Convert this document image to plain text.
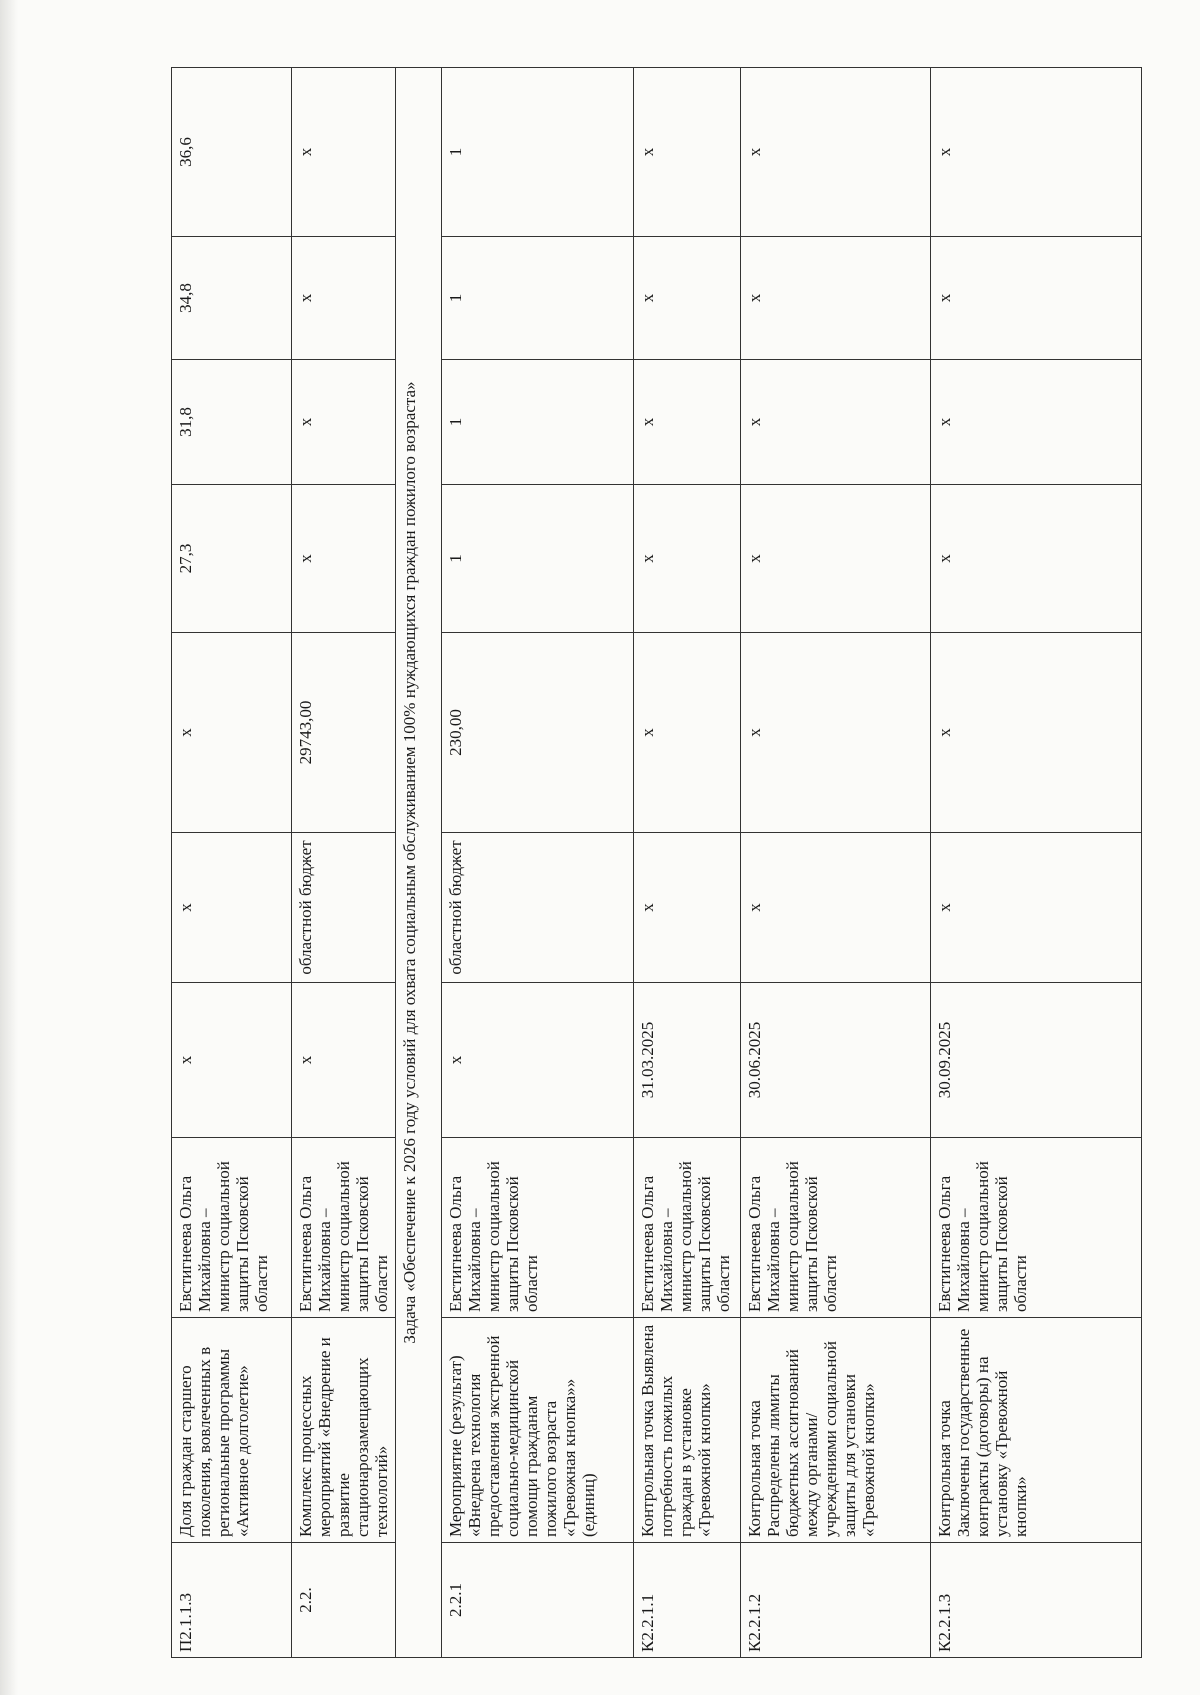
П2.1.1.3	Доля граждан старшего поколения, вовлеченных в региональные программы «Активное долголетие»	Евстигнеева Ольга Михайловна – министр социальной защиты Псковской области	х	х	х	27,3	31,8	34,8	36,6
2.2.	Комплекс процессных мероприятий «Внедрение и развитие стационарозамещающих технологий»	Евстигнеева Ольга Михайловна – министр социальной защиты Псковской области	х	областной бюджет	29743,00	х	х	х	х
Задача «Обеспечение к 2026 году условий для охвата социальным обслуживанием 100% нуждающихся граждан пожилого возраста»									
2.2.1	Мероприятие (результат) «Внедрена технология предоставления экстренной социально-медицинской помощи гражданам пожилого возраста «Тревожная кнопка»» (единиц)	Евстигнеева Ольга Михайловна – министр социальной защиты Псковской области	х	областной бюджет	230,00	1	1	1	1
К2.2.1.1	Контрольная точка Выявлена потребность пожилых граждан в установке «Тревожной кнопки»	Евстигнеева Ольга Михайловна – министр социальной защиты Псковской области	31.03.2025	х	х	х	х	х	х
К2.2.1.2	Контрольная точка Распределены лимиты бюджетных ассигнований между органами/учреждениями социальной защиты для установки «Тревожной кнопки»	Евстигнеева Ольга Михайловна – министр социальной защиты Псковской области	30.06.2025	х	х	х	х	х	х
К2.2.1.3	Контрольная точка Заключены государственные контракты (договоры) на установку «Тревожной кнопки»	Евстигнеева Ольга Михайловна – министр социальной защиты Псковской области	30.09.2025	х	х	х	х	х	х
